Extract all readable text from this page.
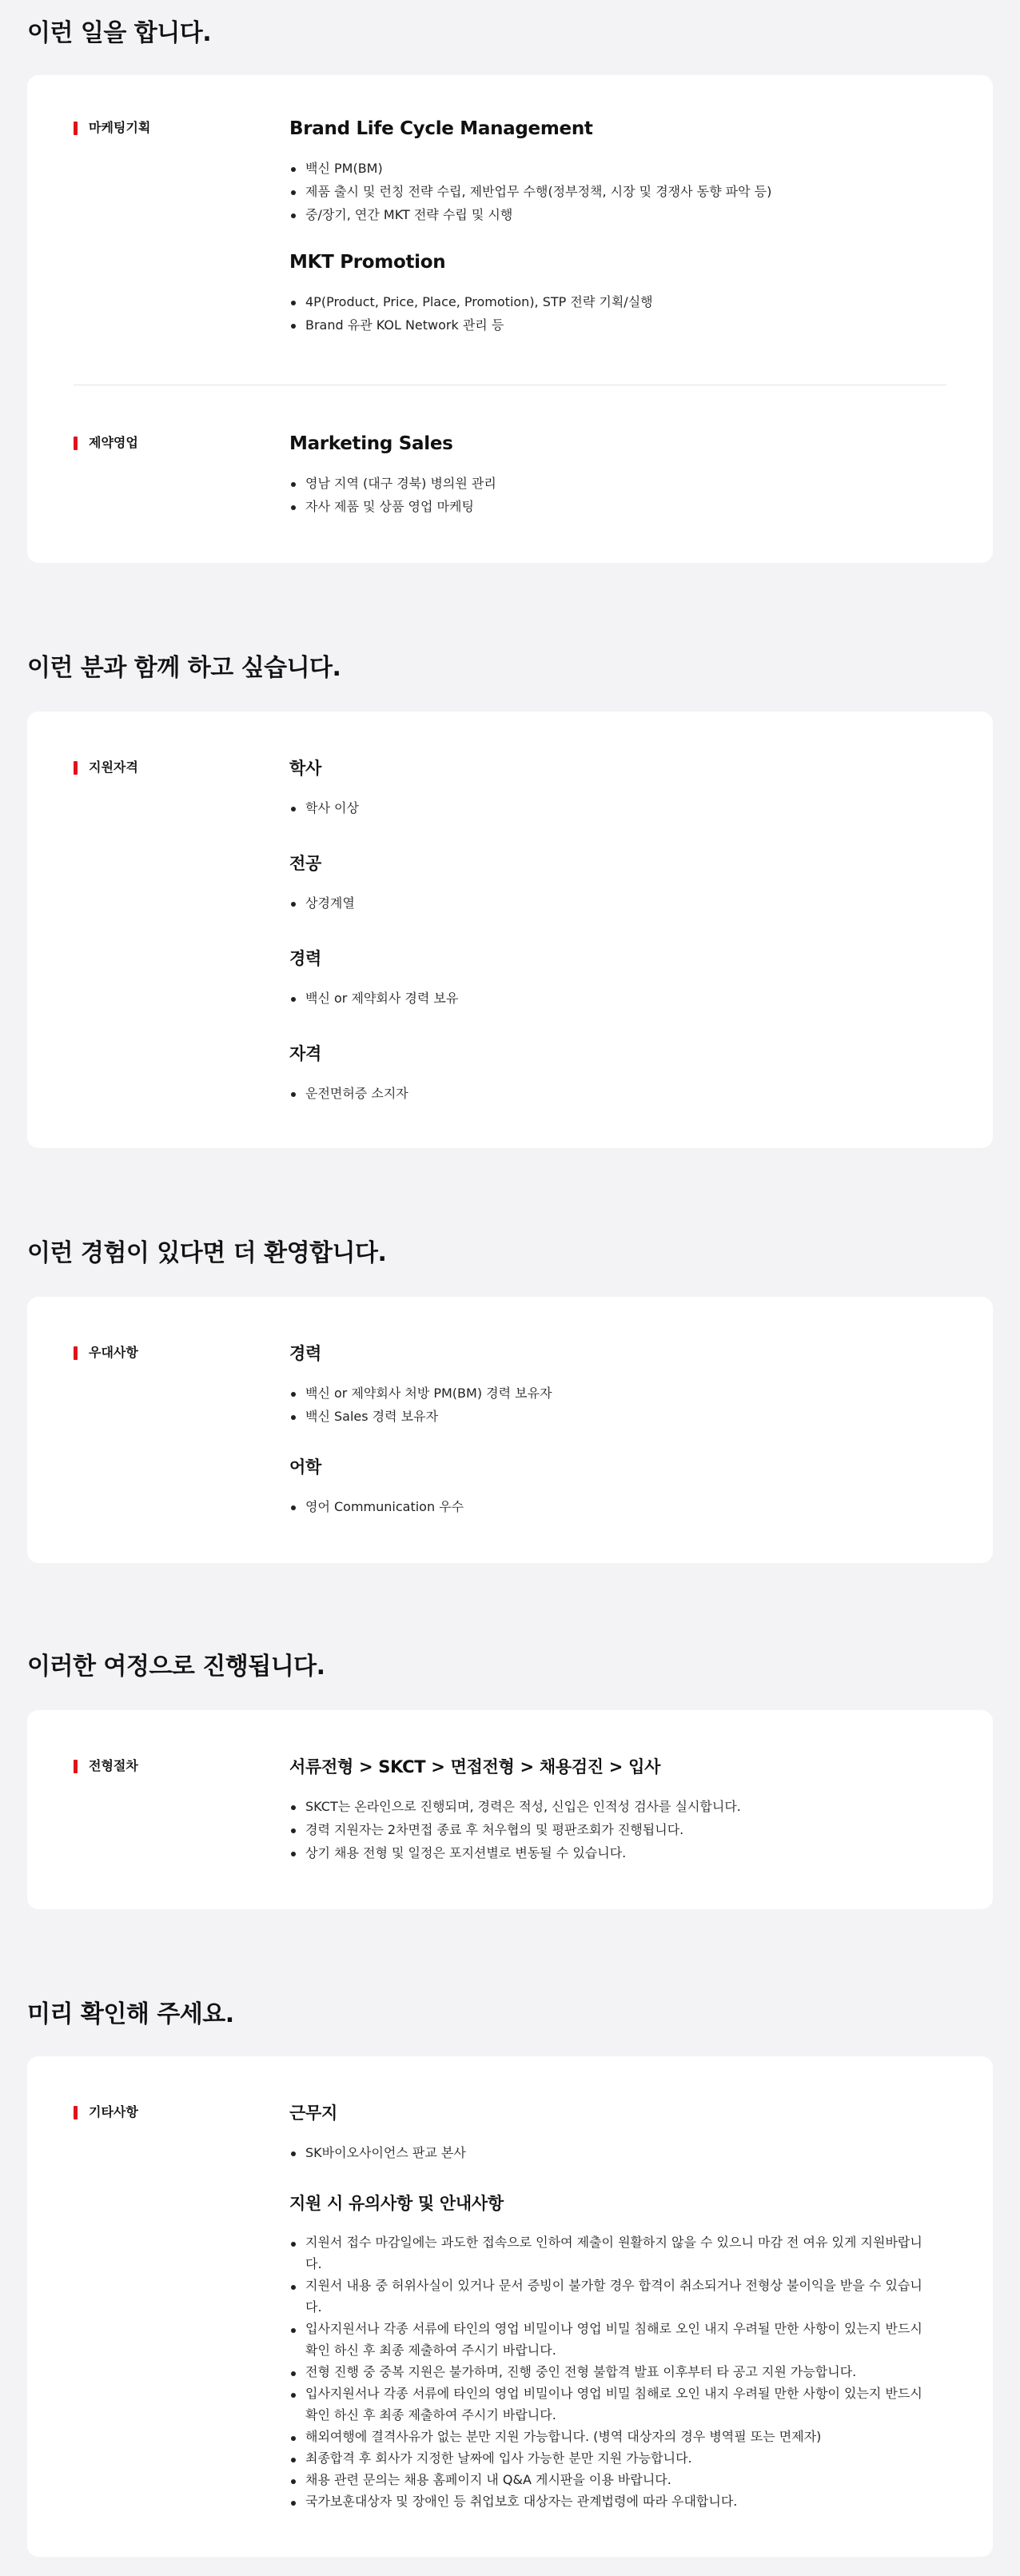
이런 일을 합니다.
마케팅기획	Brand Life Cycle Management
백신 PM(BM)
제품 출시 및 런칭 전략 수립, 제반업무 수행(정부정책, 시장 및 경쟁사 동향 파악 등)
중/장기, 연간 MKT 전략 수립 및 시행
MKT Promotion
4P(Product, Price, Place, Promotion), STP 전략 기획/실행
Brand 유관 KOL Network 관리 등
제약영업	Marketing Sales
영남 지역 (대구 경북) 병의원 관리
자사 제품 및 상품 영업 마케팅
이런 분과 함께 하고 싶습니다.
지원자격	학사
학사 이상
전공
상경계열
경력
백신 or 제약회사 경력 보유
자격
운전면허증 소지자
이런 경험이 있다면 더 환영합니다.
우대사항	경력
백신 or 제약회사 처방 PM(BM) 경력 보유자
백신 Sales 경력 보유자
어학
영어 Communication 우수
이러한 여정으로 진행됩니다.
전형절차	서류전형 > SKCT > 면접전형 > 채용검진 > 입사
SKCT는 온라인으로 진행되며, 경력은 적성, 신입은 인적성 검사를 실시합니다.
경력 지원자는 2차면접 종료 후 처우협의 및 평판조회가 진행됩니다.
상기 채용 전형 및 일정은 포지션별로 변동될 수 있습니다.
미리 확인해 주세요.
기타사항	근무지
SK바이오사이언스 판교 본사
지원 시 유의사항 및 안내사항
지원서 접수 마감일에는 과도한 접속으로 인하여 제출이 원활하지 않을 수 있으니 마감 전 여유 있게 지원바랍니다.
지원서 내용 중 허위사실이 있거나 문서 증빙이 불가할 경우 합격이 취소되거나 전형상 불이익을 받을 수 있습니다.
입사지원서나 각종 서류에 타인의 영업 비밀이나 영업 비밀 침해로 오인 내지 우려될 만한 사항이 있는지 반드시 확인 하신 후 최종 제출하여 주시기 바랍니다.
전형 진행 중 중복 지원은 불가하며, 진행 중인 전형 불합격 발표 이후부터 타 공고 지원 가능합니다.
입사지원서나 각종 서류에 타인의 영업 비밀이나 영업 비밀 침해로 오인 내지 우려될 만한 사항이 있는지 반드시 확인 하신 후 최종 제출하여 주시기 바랍니다.
해외여행에 결격사유가 없는 분만 지원 가능합니다. (병역 대상자의 경우 병역필 또는 면제자)
최종합격 후 회사가 지정한 날짜에 입사 가능한 분만 지원 가능합니다.
채용 관련 문의는 채용 홈페이지 내 Q&A 게시판을 이용 바랍니다.
국가보훈대상자 및 장애인 등 취업보호 대상자는 관계법령에 따라 우대합니다.
